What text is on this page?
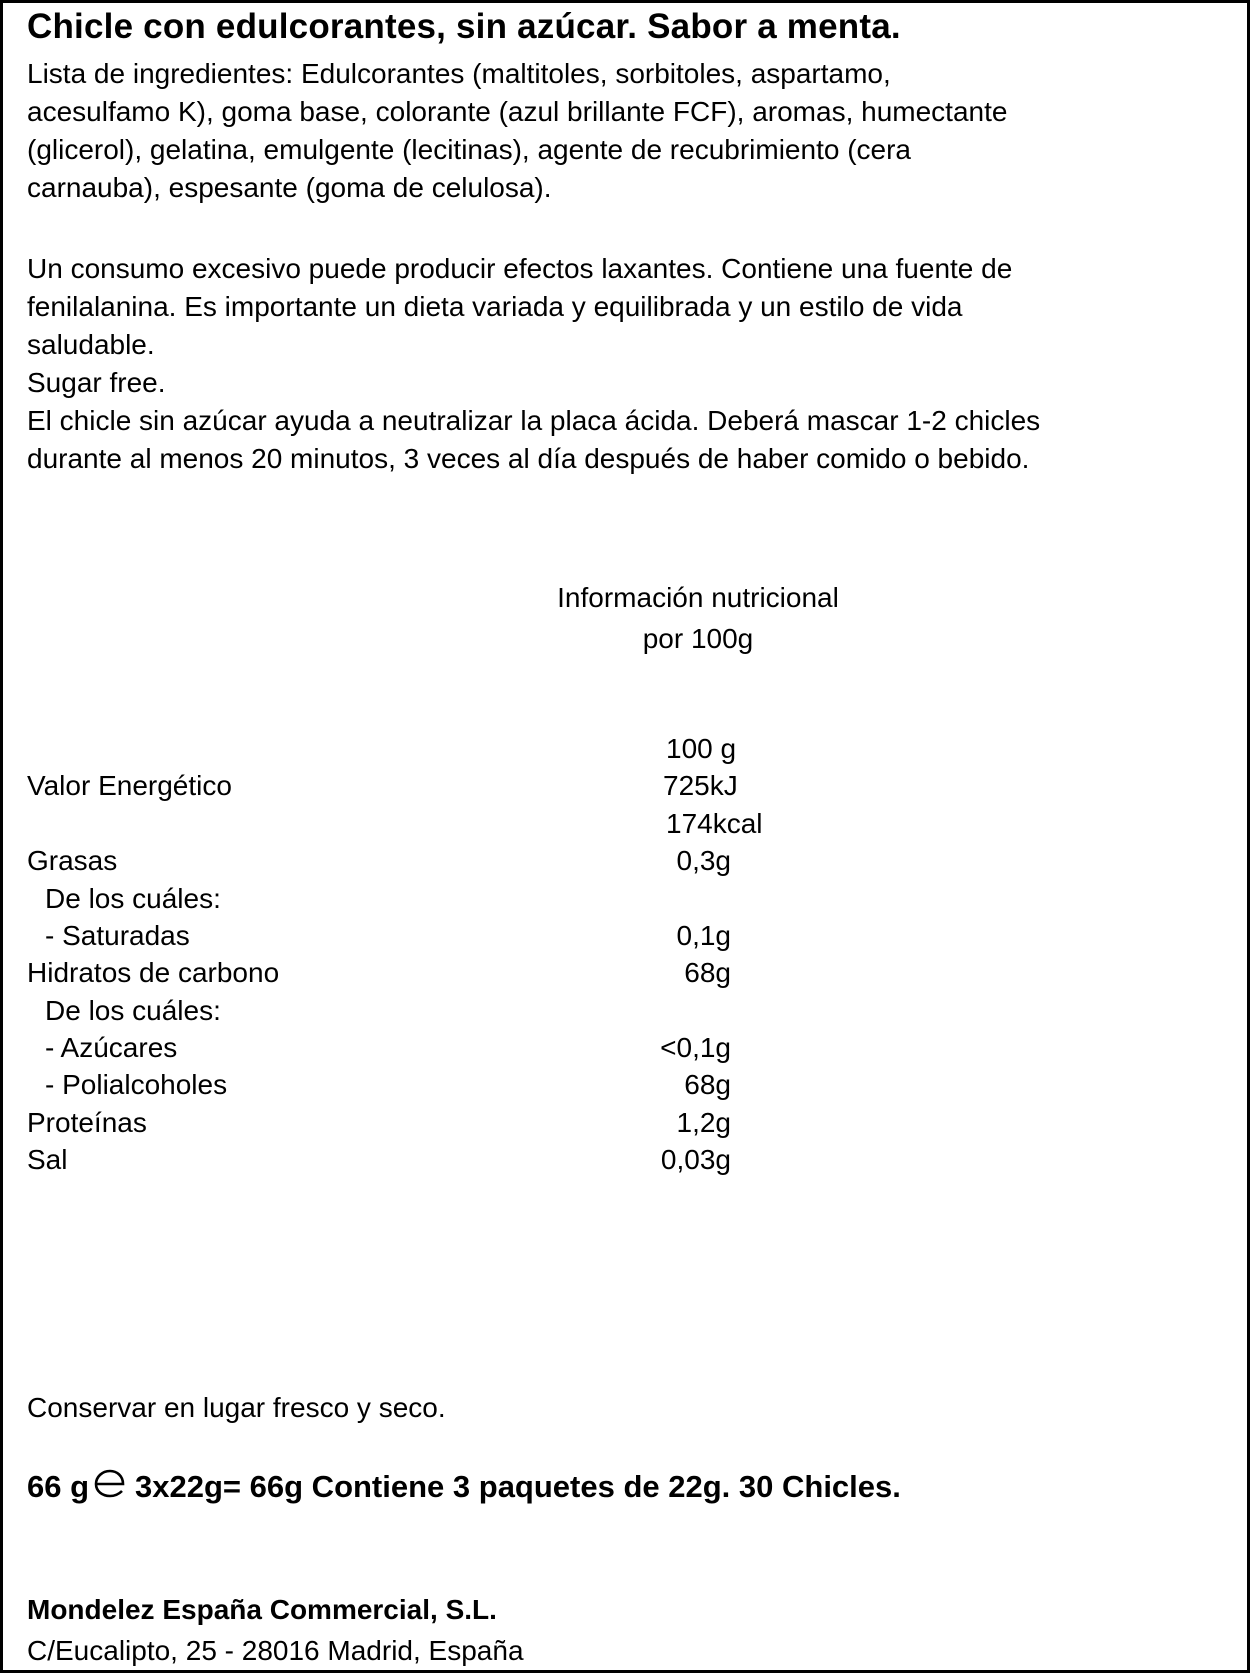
Chicle con edulcorantes, sin azúcar. Sabor a menta.
Lista de ingredientes: Edulcorantes (maltitoles, sorbitoles, aspartamo,
acesulfamo K), goma base, colorante (azul brillante FCF), aromas, humectante
(glicerol), gelatina, emulgente (lecitinas), agente de recubrimiento (cera
carnauba), espesante (goma de celulosa).
Un consumo excesivo puede producir efectos laxantes. Contiene una fuente de
fenilalanina. Es importante un dieta variada y equilibrada y un estilo de vida
saludable.
Sugar free.
El chicle sin azúcar ayuda a neutralizar la placa ácida. Deberá mascar 1-2 chicles
durante al menos 20 minutos, 3 veces al día después de haber comido o bebido.
Información nutricional
por 100g
100 g
Valor Energético	725kJ
174kcal
Grasas	0,3g
De los cuáles:
- Saturadas	0,1g
Hidratos de carbono	68g
De los cuáles:
- Azúcares	<0,1g
- Polialcoholes	68g
Proteínas	1,2g
Sal	0,03g
Conservar en lugar fresco y seco.
66 g 3x22g= 66g Contiene 3 paquetes de 22g. 30 Chicles.
Mondelez España Commercial, S.L.
C/Eucalipto, 25 - 28016 Madrid, España
